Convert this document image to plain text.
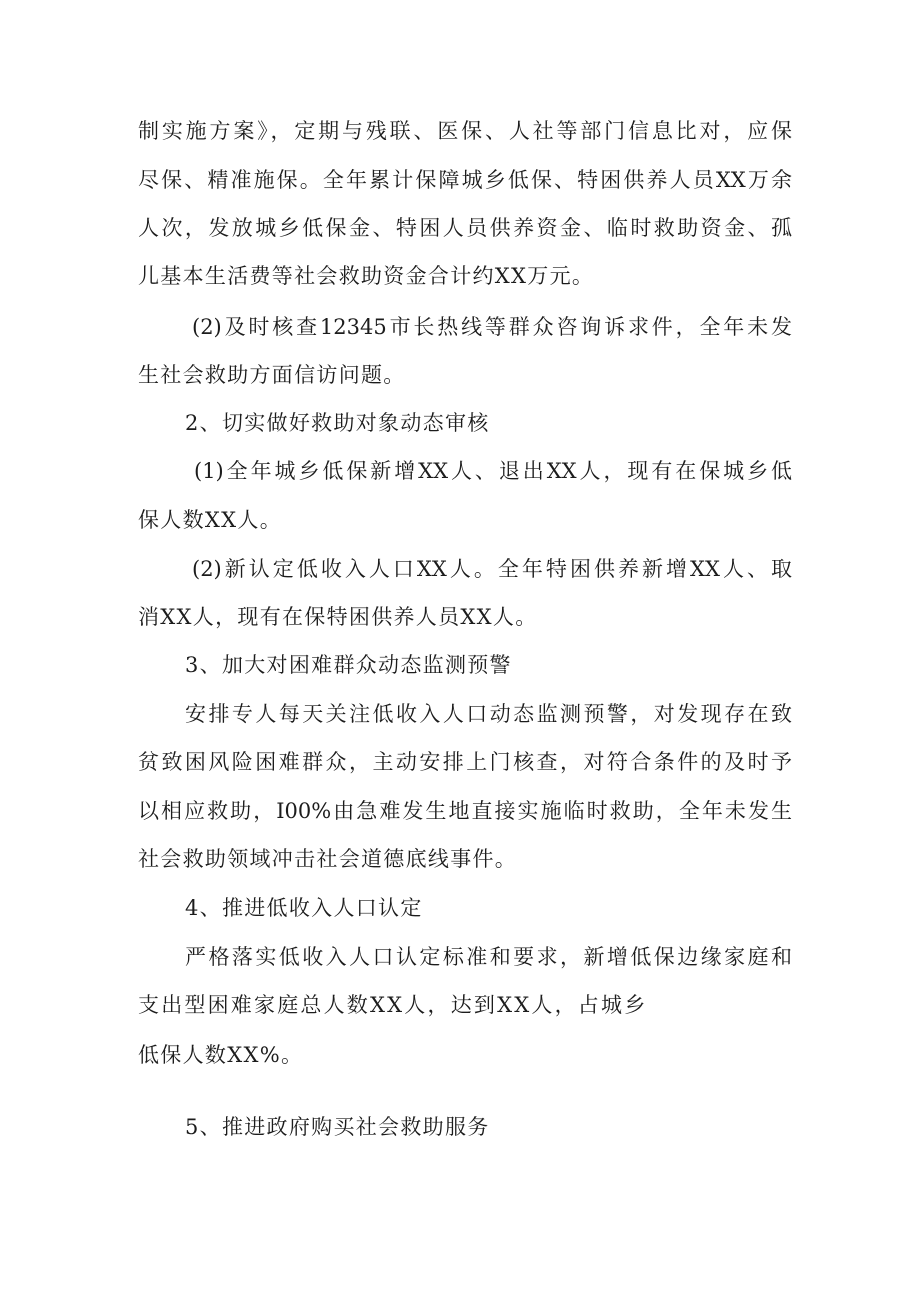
制实施方案》，定期与残联、医保、人社等部门信息比对，应保
尽保、精准施保。全年累计保障城乡低保、特困供养人员XX万余
人次，发放城乡低保金、特困人员供养资金、临时救助资金、孤
儿基本生活费等社会救助资金合计约XX万元。
(2)及时核查12345市长热线等群众咨询诉求件，全年未发
生社会救助方面信访问题。
2、切实做好救助对象动态审核
(1)全年城乡低保新增XX人、退出XX人，现有在保城乡低
保人数XX人。
(2)新认定低收入人口XX人。全年特困供养新增XX人、取
消XX人，现有在保特困供养人员XX人。
3、加大对困难群众动态监测预警
安排专人每天关注低收入人口动态监测预警，对发现存在致
贫致困风险困难群众，主动安排上门核查，对符合条件的及时予
以相应救助，I00%由急难发生地直接实施临时救助，全年未发生
社会救助领域冲击社会道德底线事件。
4、推进低收入人口认定
严格落实低收入人口认定标准和要求，新增低保边缘家庭和
支出型困难家庭总人数XX人，达到XX人，占城乡
低保人数XX%。
5、推进政府购买社会救助服务
